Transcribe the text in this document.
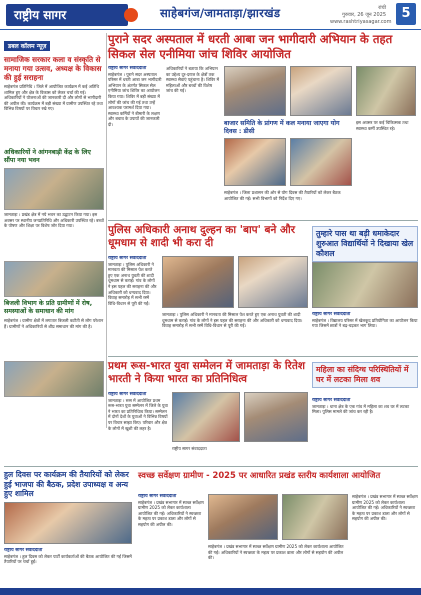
राष्ट्रीय सागर	साहेबगंज/जामताड़ा/झारखंड	रांची
गुरुवार, 26 जून 2025
www.rashtriyasagar.com
5
डबल कॉलम न्यूज़
सामाजिक सरकार कला व संस्कृति से मनाया गया उत्सव, अध्यक्ष के विकास की हुई सराहना
साहेबगंज प्रतिनिधि । जिले में आयोजित कार्यक्रम में कई अतिथि शामिल हुए और क्षेत्र के विकास को लेकर चर्चा की गई। अधिकारियों ने योजनाओं की जानकारी दी और लोगों से भागीदारी की अपील की। कार्यक्रम में बड़ी संख्या में ग्रामीण उपस्थित रहे तथा विभिन्न विषयों पर विचार रखे गए।
अधिकारियों ने आंगनबाड़ी केंद्र के लिए सौंपा नया भवन
जामताड़ा । प्रखंड क्षेत्र में नये भवन का उद्घाटन किया गया। इस अवसर पर स्थानीय जनप्रतिनिधि और अधिकारी उपस्थित रहे। बच्चों के पोषण और शिक्षा पर विशेष जोर दिया गया।
बिजली विभाग के प्रति ग्रामीणों में रोष, समस्याओं के समाधान की मांग
साहेबगंज । ग्रामीण क्षेत्रों में लगातार बिजली कटौती से लोग परेशान हैं। ग्रामीणों ने अधिकारियों से शीघ्र समाधान की मांग की है।
पुराने सदर अस्पताल में धरती आबा जन भागीदारी अभियान के तहत सिकल सेल एनीमिया जांच शिविर आयोजित
राष्ट्रीय सागर संवाददाता
साहेबगंज । पुराने सदर अस्पताल परिसर में धरती आबा जन भागीदारी अभियान के अंतर्गत सिकल सेल एनीमिया जांच शिविर का आयोजन किया गया। शिविर में बड़ी संख्या में लोगों की जांच की गई तथा उन्हें आवश्यक परामर्श दिया गया। स्वास्थ्य कर्मियों ने बीमारी के लक्षण और बचाव के उपायों की जानकारी दी।
अधिकारियों ने बताया कि अभियान का उद्देश्य दूर-दराज के क्षेत्रों तक स्वास्थ्य सेवाएं पहुंचाना है। शिविर में महिलाओं और बच्चों की विशेष जांच की गई।
इस अवसर पर कई चिकित्सक तथा स्वास्थ्य कर्मी उपस्थित रहे।
बाजार समिति के प्रांगण में कल मनाया जाएगा योग दिवस : डीसी
साहेबगंज । जिला प्रशासन की ओर से योग दिवस की तैयारियों को लेकर बैठक आयोजित की गई। सभी विभागों को निर्देश दिए गए।
पुलिस अधिकारी अनाथ दुल्हन का 'बाप' बने और धूमधाम से शादी भी करा दी
राष्ट्रीय सागर संवाददाता
जामताड़ा । पुलिस अधिकारी ने मानवता की मिसाल पेश करते हुए एक अनाथ युवती की शादी धूमधाम से कराई। गांव के लोगों ने इस पहल की सराहना की और अधिकारी को धन्यवाद दिया। विवाह समारोह में सभी रस्में विधि-विधान से पूरी की गईं।
जामताड़ा । पुलिस अधिकारी ने मानवता की मिसाल पेश करते हुए एक अनाथ युवती की शादी धूमधाम से कराई। गांव के लोगों ने इस पहल की सराहना की और अधिकारी को धन्यवाद दिया। विवाह समारोह में सभी रस्में विधि-विधान से पूरी की गईं।
तुम्हारे पास था बड़ी धमाकेदार शुरुआत विद्यार्थियों ने दिखाया खेल कौशल
राष्ट्रीय सागर संवाददाता
साहेबगंज । विद्यालय परिसर में खेलकूद प्रतियोगिता का आयोजन किया गया जिसमें छात्रों ने बढ़-चढ़कर भाग लिया।
प्रथम रूस-भारत युवा सम्मेलन में जामताड़ा के रितेश भारती ने किया भारत का प्रतिनिधित्व
राष्ट्रीय सागर संवाददाता
जामताड़ा । रूस में आयोजित प्रथम रूस-भारत युवा सम्मेलन में जिले के युवा ने भारत का प्रतिनिधित्व किया। सम्मेलन में दोनों देशों के युवाओं ने विभिन्न विषयों पर विचार साझा किए। परिवार और क्षेत्र के लोगों में खुशी की लहर है।
राष्ट्रीय सागर संवाददाता
महिला का संदिग्ध परिस्थितियों में घर में लटका मिला शव
राष्ट्रीय सागर संवाददाता
जामताड़ा । थाना क्षेत्र के एक गांव में महिला का शव घर में लटका मिला। पुलिस मामले की जांच कर रही है।
हुल दिवस पर कार्यक्रम की तैयारियों को लेकर हुई भाजपा की बैठक, प्रदेश उपाध्यक्ष व अन्य हुए शामिल
राष्ट्रीय सागर संवाददाता
साहेबगंज । हुल दिवस को लेकर पार्टी कार्यकर्ताओं की बैठक आयोजित की गई जिसमें तैयारियों पर चर्चा हुई।
स्वच्छ सर्वेक्षण ग्रामीण - 2025 पर आधारित प्रखंड स्तरीय कार्यशाला आयोजित
राष्ट्रीय सागर संवाददाता
साहेबगंज । प्रखंड सभागार में स्वच्छ सर्वेक्षण ग्रामीण 2025 को लेकर कार्यशाला आयोजित की गई। अधिकारियों ने स्वच्छता के महत्व पर प्रकाश डाला और लोगों से सहयोग की अपील की।
साहेबगंज । प्रखंड सभागार में स्वच्छ सर्वेक्षण ग्रामीण 2025 को लेकर कार्यशाला आयोजित की गई। अधिकारियों ने स्वच्छता के महत्व पर प्रकाश डाला और लोगों से सहयोग की अपील की।
साहेबगंज । प्रखंड सभागार में स्वच्छ सर्वेक्षण ग्रामीण 2025 को लेकर कार्यशाला आयोजित की गई। अधिकारियों ने स्वच्छता के महत्व पर प्रकाश डाला और लोगों से सहयोग की अपील की।
